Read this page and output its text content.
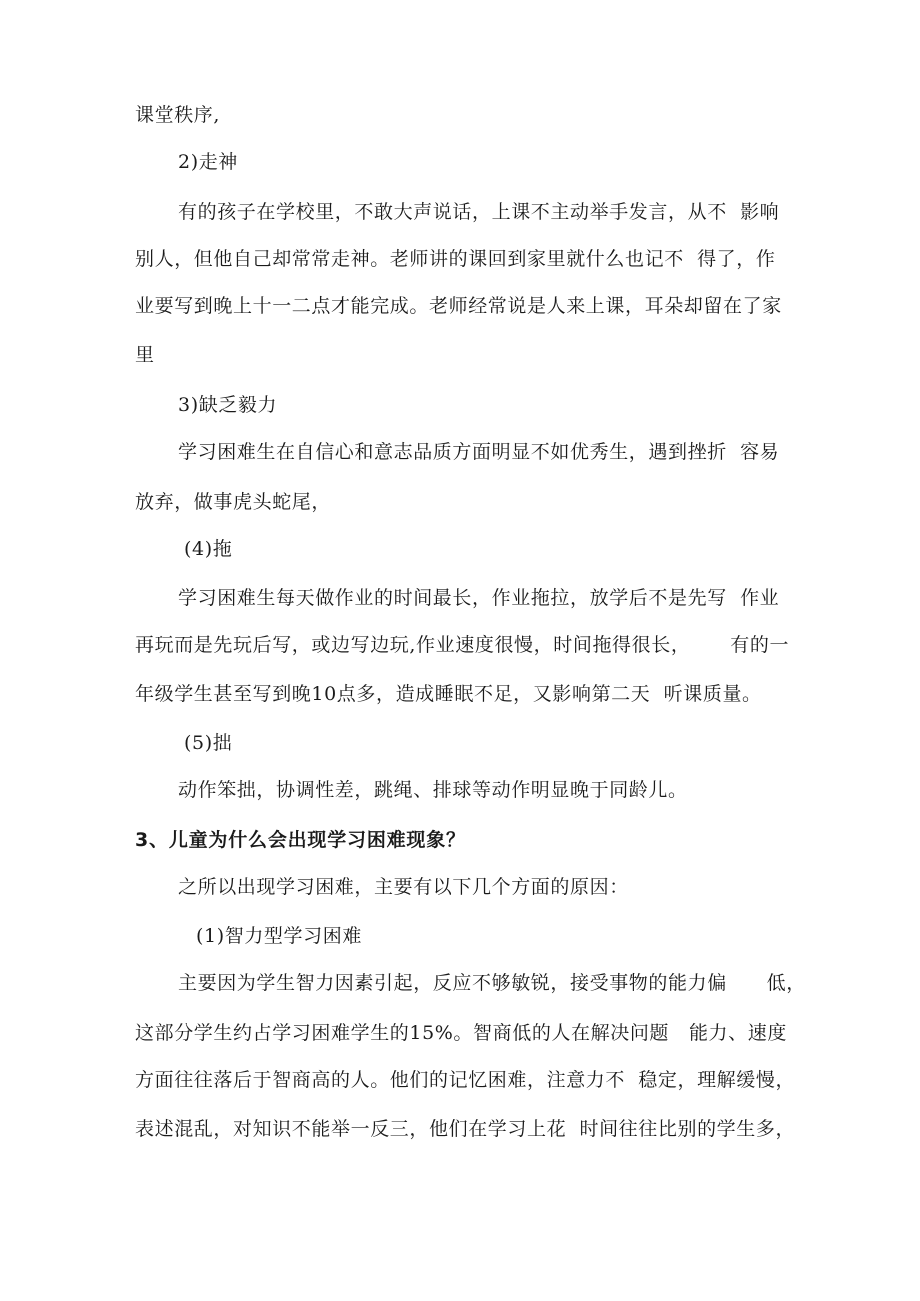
课堂秩序,
2)走神
有的孩子在学校里，不敢大声说话，上课不主动举手发言，从不  影响
别人，但他自己却常常走神。老师讲的课回到家里就什么也记不  得了，作
业要写到晚上十一二点才能完成。老师经常说是人来上课，耳朵却留在了家
里
3)缺乏毅力
学习困难生在自信心和意志品质方面明显不如优秀生，遇到挫折  容易
放弃，做事虎头蛇尾，
(4)拖
学习困难生每天做作业的时间最长，作业拖拉，放学后不是先写  作业
再玩而是先玩后写，或边写边玩,作业速度很慢，时间拖得很长，      有的一
年级学生甚至写到晚10点多，造成睡眠不足，又影响第二天  听课质量。
(5)拙
动作笨拙，协调性差，跳绳、排球等动作明显晚于同龄儿。
3、儿童为什么会出现学习困难现象？
之所以出现学习困难，主要有以下几个方面的原因：
(1)智力型学习困难
主要因为学生智力因素引起，反应不够敏锐，接受事物的能力偏      低，
这部分学生约占学习困难学生的15%。智商低的人在解决问题   能力、速度
方面往往落后于智商高的人。他们的记忆困难，注意力不  稳定，理解缓慢，
表述混乱，对知识不能举一反三，他们在学习上花  时间往往比别的学生多，
